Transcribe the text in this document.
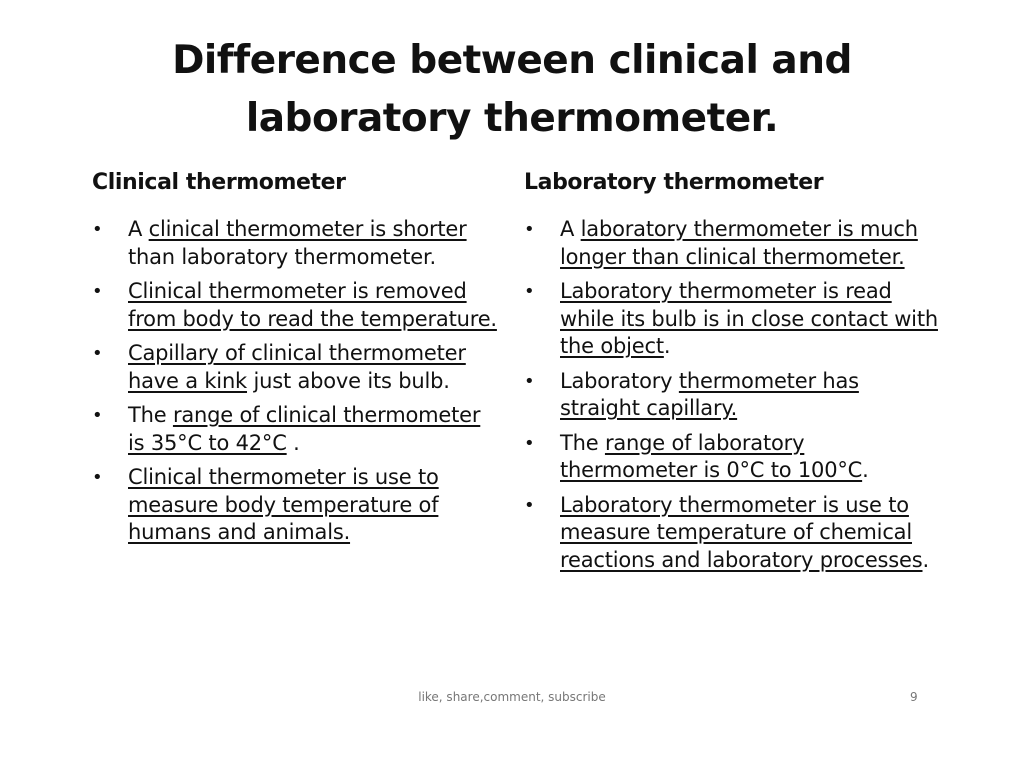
Difference between clinical and
laboratory thermometer.
Clinical thermometer
•	A clinical thermometer is shorter than laboratory thermometer.
•	Clinical thermometer is removed from body to read the temperature.
•	Capillary of clinical thermometer have a kink just above its bulb.
•	The range of clinical thermometer is 35°C to 42°C .
•	Clinical thermometer is use to measure body temperature of humans and animals.
Laboratory thermometer
•	A laboratory thermometer is much longer than clinical thermometer.
•	Laboratory thermometer is read while its bulb is in close contact with the object.
•	Laboratory thermometer has straight capillary.
•	The range of laboratory thermometer is 0°C to 100°C.
•	Laboratory thermometer is use to measure temperature of chemical reactions and laboratory processes.
like, share,comment, subscribe	9
